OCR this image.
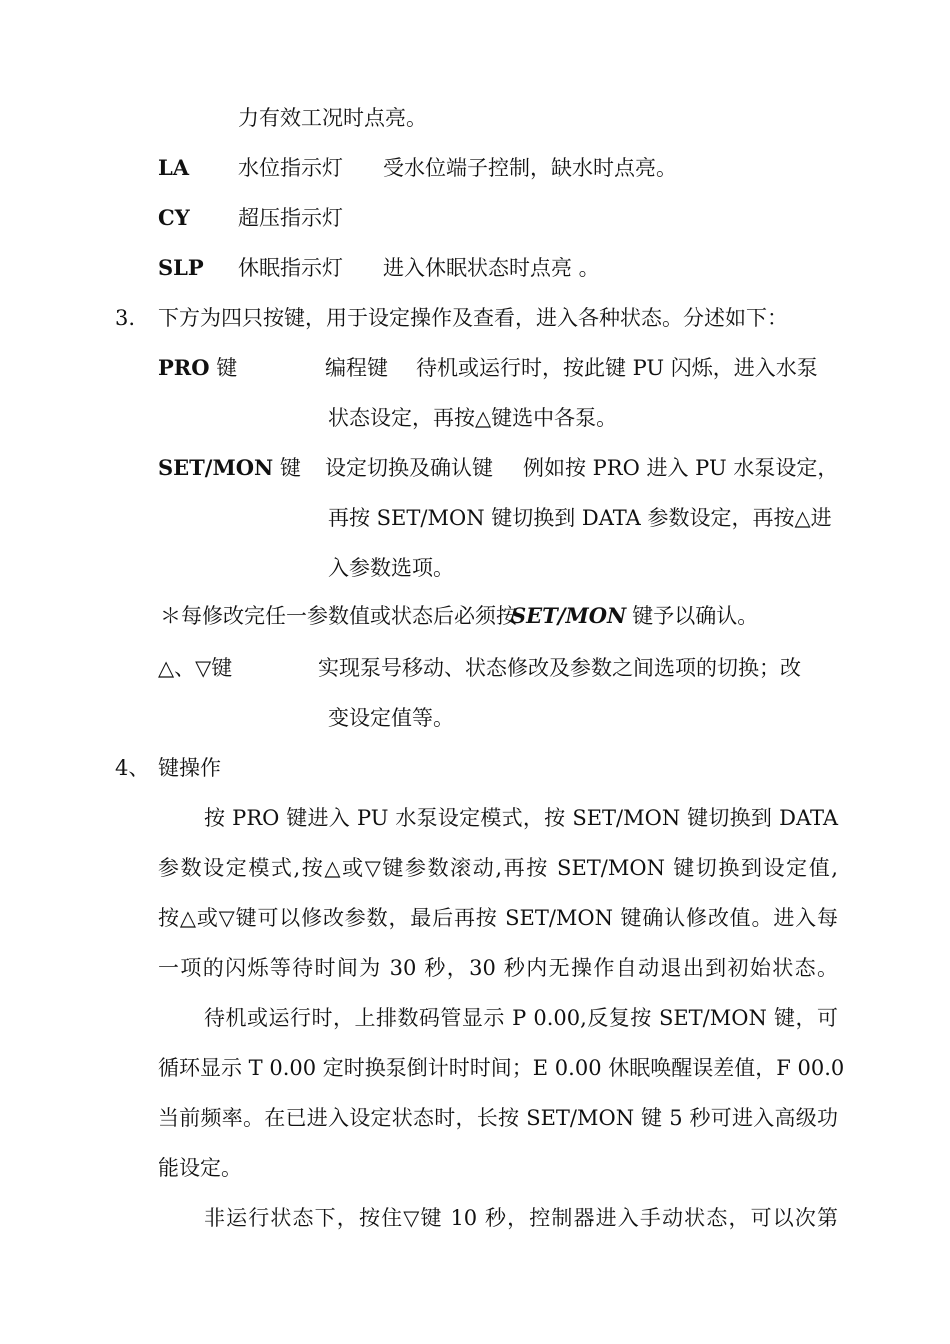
力有效工况时点亮。
LA 水位指示灯 受水位端子控制，缺水时点亮。
CY 超压指示灯
SLP 休眠指示灯 进入休眠状态时点亮 。
3. 下方为四只按键，用于设定操作及查看，进入各种状态。分述如下：
PRO 键	编程键 待机或运行时，按此键 PU 闪烁，进入水泵
状态设定，再按△键选中各泵。
SET/MON 键 设定切换及确认键 例如按 PRO 进入 PU 水泵设定，
再按 SET/MON 键切换到 DATA 参数设定，再按△进
入参数选项。
＊每修改完任一参数值或状态后必须按SET/MON 键予以确认。
△、▽键	实现泵号移动、状态修改及参数之间选项的切换；改
变设定值等。
4、 键操作
按 PRO 键进入 PU 水泵设定模式，按 SET/MON 键切换到 DATA
参数设定模式,按△或▽键参数滚动,再按 SET/MON 键切换到设定值,
按△或▽键可以修改参数，最后再按 SET/MON 键确认修改值。进入每
一项的闪烁等待时间为 30 秒，30 秒内无操作自动退出到初始状态。
待机或运行时，上排数码管显示 P 0.00,反复按 SET/MON 键，可
循环显示 T 0.00 定时换泵倒计时时间；E 0.00 休眠唤醒误差值，F 00.0
当前频率。在已进入设定状态时，长按 SET/MON 键 5 秒可进入高级功
能设定。
非运行状态下，按住▽键 10 秒，控制器进入手动状态，可以次第
